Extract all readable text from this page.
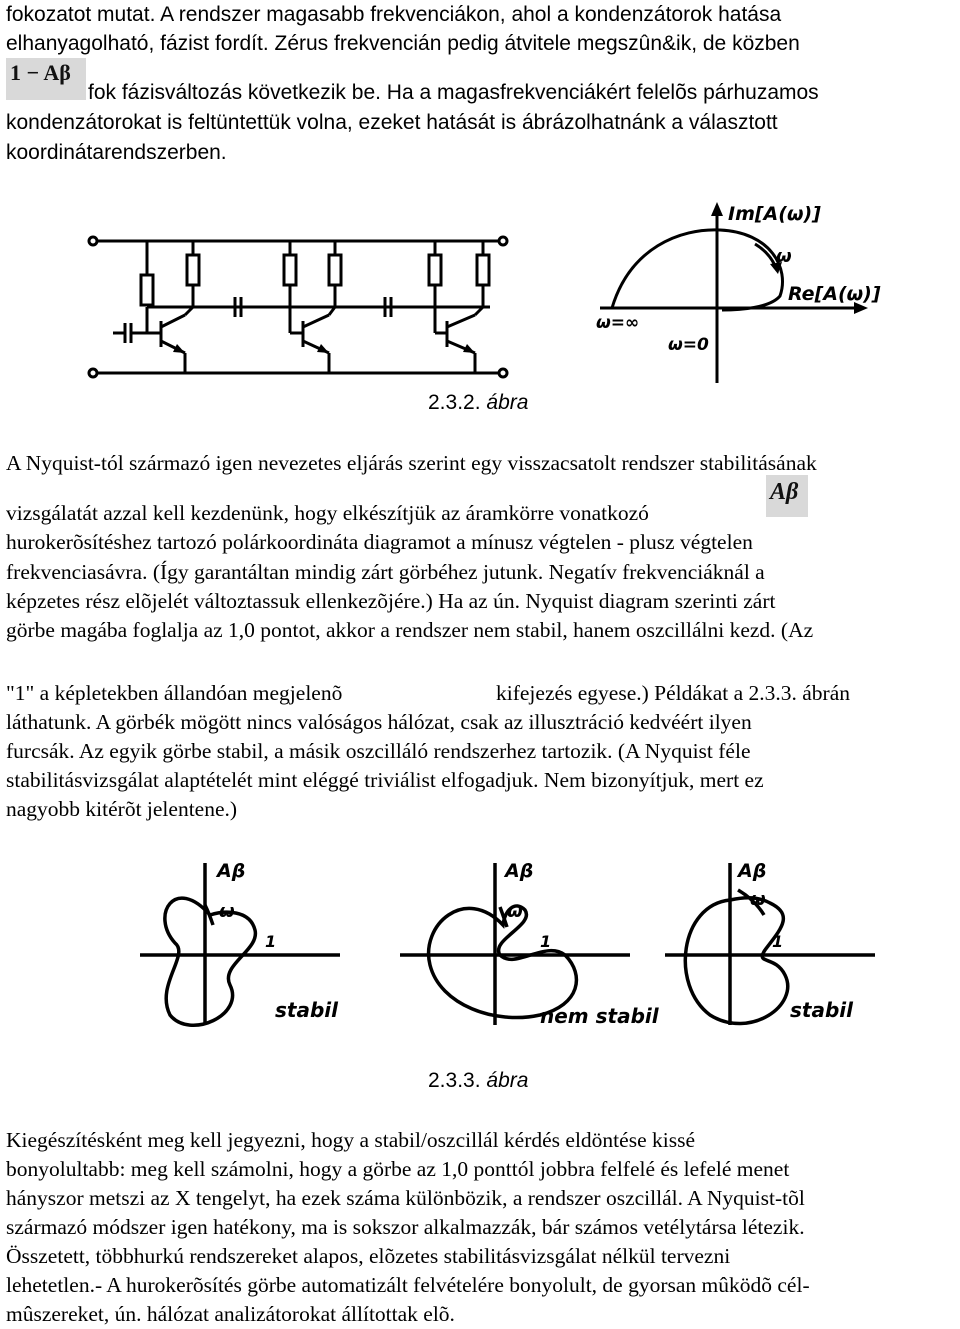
fokozatot mutat. A rendszer magasabb frekvenciákon, ahol a kondenzátorok hatása
elhanyagolható, fázist fordít. Zérus frekvencián pedig átvitele megszûn&ik, de közben
1 − Aβ
fok fázisváltozás következik be. Ha a magasfrekvenciákért felelõs párhuzamos
kondenzátorokat is feltüntettük volna, ezeket hatását is ábrázolhatnánk a választott
koordinátarendszerben.
Im[A(ω)]
Re[A(ω)]
ω
ω=∞
ω=0
2.3.2. ábra
A Nyquist-tól származó igen nevezetes eljárás szerint egy visszacsatolt rendszer stabilitásának
Aβ
vizsgálatát azzal kell kezdenünk, hogy elkészítjük az áramkörre vonatkozó
hurokerõsítéshez tartozó polárkoordináta diagramot a mínusz végtelen - plusz végtelen
frekvenciasávra. (Így garantáltan mindig zárt görbéhez jutunk. Negatív frekvenciáknál a
képzetes rész elõjelét változtassuk ellenkezõjére.) Ha az ún. Nyquist diagram szerinti zárt
görbe magába foglalja az 1,0 pontot, akkor a rendszer nem stabil, hanem oszcillálni kezd. (Az
"1" a képletekben állandóan megjelenõ	kifejezés egyese.) Példákat a 2.3.3. ábrán
láthatunk. A görbék mögött nincs valóságos hálózat, csak az illusztráció kedvéért ilyen
furcsák. Az egyik görbe stabil, a másik oszcilláló rendszerhez tartozik. (A Nyquist féle
stabilitásvizsgálat alaptételét mint eléggé triviálist elfogadjuk. Nem bizonyítjuk, mert ez
nagyobb kitérõt jelentene.)
Aβ
ω
1
stabil
Aβ
ω
1
nem stabil
Aβ
ω
1
stabil
2.3.3. ábra
Kiegészítésként meg kell jegyezni, hogy a stabil/oszcillál kérdés eldöntése kissé
bonyolultabb: meg kell számolni, hogy a görbe az 1,0 ponttól jobbra felfelé és lefelé menet
hányszor metszi az X tengelyt, ha ezek száma különbözik, a rendszer oszcillál. A Nyquist-tõl
származó módszer igen hatékony, ma is sokszor alkalmazzák, bár számos vetélytársa létezik.
Összetett, többhurkú rendszereket alapos, elõzetes stabilitásvizsgálat nélkül tervezni
lehetetlen.- A hurokerõsítés görbe automatizált felvételére bonyolult, de gyorsan mûködõ cél-
mûszereket, ún. hálózat analizátorokat állítottak elõ.
